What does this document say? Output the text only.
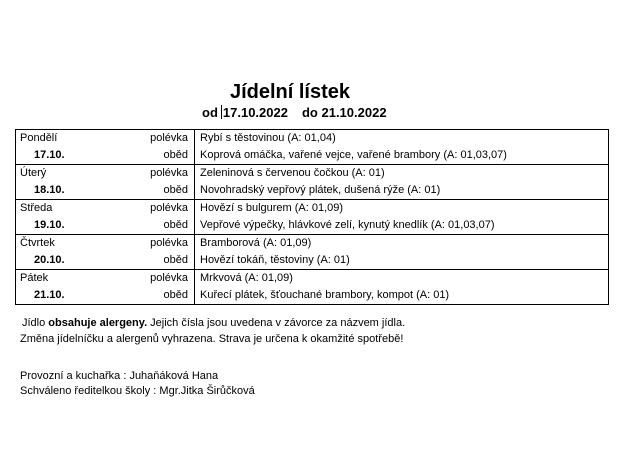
Jídelní lístek
od 17.10.2022 do 21.10.2022
Pondělí	polévka	Rybí s těstovinou (A: 01,04)
17.10.	oběd	Koprová omáčka, vařené vejce, vařené brambory (A: 01,03,07)
Úterý	polévka	Zeleninová s červenou čočkou (A: 01)
18.10.	oběd	Novohradský vepřový plátek, dušená rýže (A: 01)
Středa	polévka	Hovězí s bulgurem (A: 01,09)
19.10.	oběd	Vepřové výpečky, hlávkové zelí, kynutý knedlík (A: 01,03,07)
Čtvrtek	polévka	Bramborová (A: 01,09)
20.10.	oběd	Hovězí tokáň, těstoviny (A: 01)
Pátek	polévka	Mrkvová (A: 01,09)
21.10.	oběd	Kuřecí plátek, šťouchané brambory, kompot (A: 01)
Jídlo obsahuje alergeny. Jejich čísla jsou uvedena v závorce za názvem jídla.
Změna jídelníčku a alergenů vyhrazena. Strava je určena k okamžité spotřebě!
Provozní a kuchařka : Juhaňáková Hana
Schváleno ředitelkou školy : Mgr.Jitka Širůčková
